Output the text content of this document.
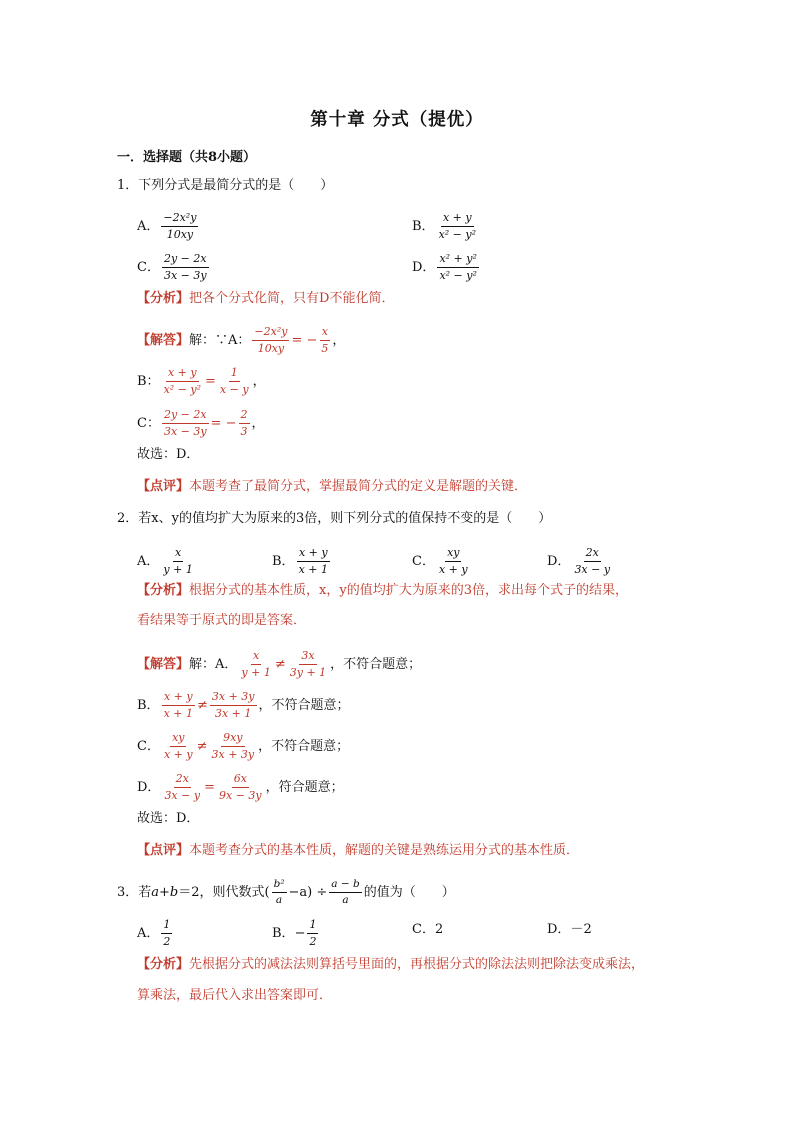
第十章 分式（提优）
一．选择题（共8小题）
1．下列分式是最简分式的是（　　）
A． $\frac{\text{−2x²y}}{10xy}$	B． $\frac{x + y}{\text{x² − y²}}$
C． $\frac{2y - 2x}{3x - 3y}$	D． $\frac{\text{x² + y²}}{\text{x² − y²}}$
【分析】 把各个分式化简，只有D不能化简．
【解答】 解：∵A： $\frac{\text{−2x²y}}{10xy}$ = − $\frac{x}{5}$ ，
B： $\frac{x + y}{\text{x² − y²}} = \frac{1}{x - y}$ ，
C： $\frac{2y - 2x}{3x - 3y}$ = − $\frac{2}{3}$ ，
故选：D．
【点评】 本题考查了最简分式，掌握最简分式的定义是解题的关键．
2．若x、y的值均扩大为原来的3倍，则下列分式的值保持不变的是（　　）
A． $\frac{x}{y + 1}$	B． $\frac{x + y}{x + 1}$	C． $\frac{xy}{x + y}$	D． $\frac{2x}{3x - y}$
【分析】 根据分式的基本性质，x，y的值均扩大为原来的3倍，求出每个式子的结果，
看结果等于原式的即是答案．
【解答】 解：A． $\frac{x}{y + 1} \ne \frac{3x}{3y + 1}$ ，不符合题意；
B． $\frac{x + y}{x + 1} \ne \frac{3x + 3y}{3x + 1}$ ，不符合题意；
C． $\frac{xy}{x + y} \ne \frac{9xy}{3x + 3y}$ ，不符合题意；
D． $\frac{2x}{3x - y} = \frac{6x}{9x - 3y}$ ，符合题意；
故选：D．
【点评】 本题考查分式的基本性质，解题的关键是熟练运用分式的基本性质．
3．若 a+b ＝2，则代数式( $\frac{\text{b²}}{a} -a) \div \frac{a - b}{a}$ 的值为（　　）
A． $\frac{1}{2}$	B． − $\frac{1}{2}$	C． 2	D． －2
【分析】 先根据分式的减法法则算括号里面的，再根据分式的除法法则把除法变成乘法，
算乘法，最后代入求出答案即可．
